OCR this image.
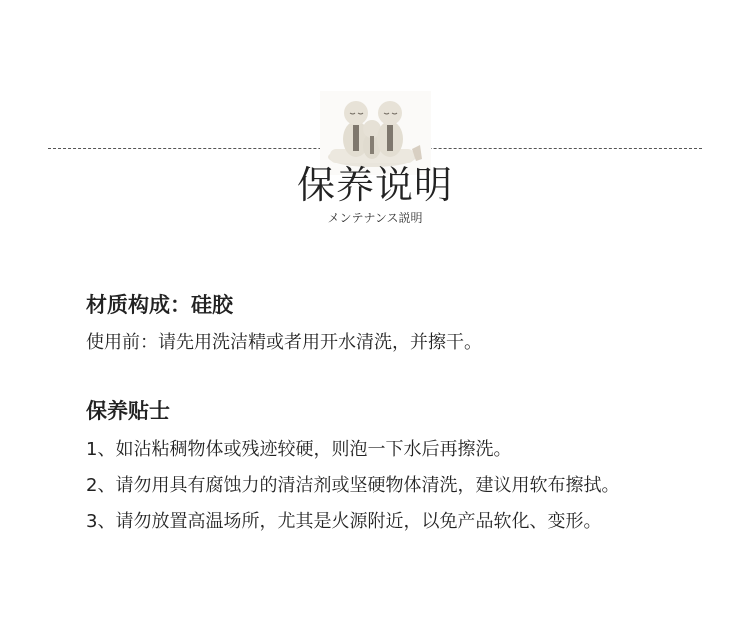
保养说明
メンテナンス説明
材质构成：硅胶
使用前：请先用洗洁精或者用开水清洗，并擦干。
保养贴士
1、如沾粘稠物体或残迹较硬，则泡一下水后再擦洗。
2、请勿用具有腐蚀力的清洁剂或坚硬物体清洗，建议用软布擦拭。
3、请勿放置高温场所，尤其是火源附近，以免产品软化、变形。
